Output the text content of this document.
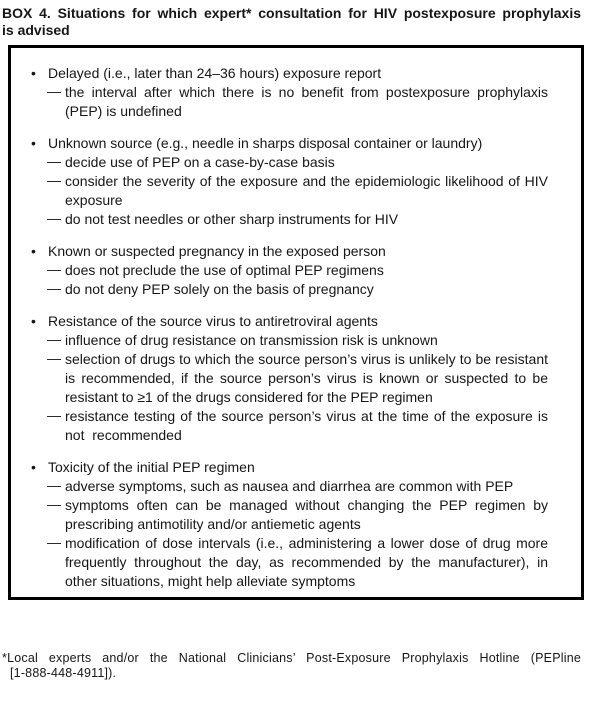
BOX 4. Situations for which expert* consultation for HIV postexposure prophylaxis
is advised
• Delayed (i.e., later than 24–36 hours) exposure report
— the interval after which there is no benefit from postexposure prophylaxis (PEP) is undefined
• Unknown source (e.g., needle in sharps disposal container or laundry)
— decide use of PEP on a case-by-case basis
— consider the severity of the exposure and the epidemiologic likelihood of HIV exposure
— do not test needles or other sharp instruments for HIV
• Known or suspected pregnancy in the exposed person
— does not preclude the use of optimal PEP regimens
— do not deny PEP solely on the basis of pregnancy
• Resistance of the source virus to antiretroviral agents
— influence of drug resistance on transmission risk is unknown
— selection of drugs to which the source person’s virus is unlikely to be resistant is recommended, if the source person’s virus is known or suspected to be resistant to ≥1 of the drugs considered for the PEP regimen
— resistance testing of the source person’s virus at the time of the exposure is not  recommended
• Toxicity of the initial PEP regimen
— adverse symptoms, such as nausea and diarrhea are common with PEP
— symptoms often can be managed without changing the PEP regimen by prescribing antimotility and/or antiemetic agents
— modification of dose intervals (i.e., administering a lower dose of drug more frequently throughout the day, as recommended by the manufacturer), in other situations, might help alleviate symptoms
*Local experts and/or the National Clinicians’ Post-Exposure Prophylaxis Hotline (PEPline
[1-888-448-4911]).
